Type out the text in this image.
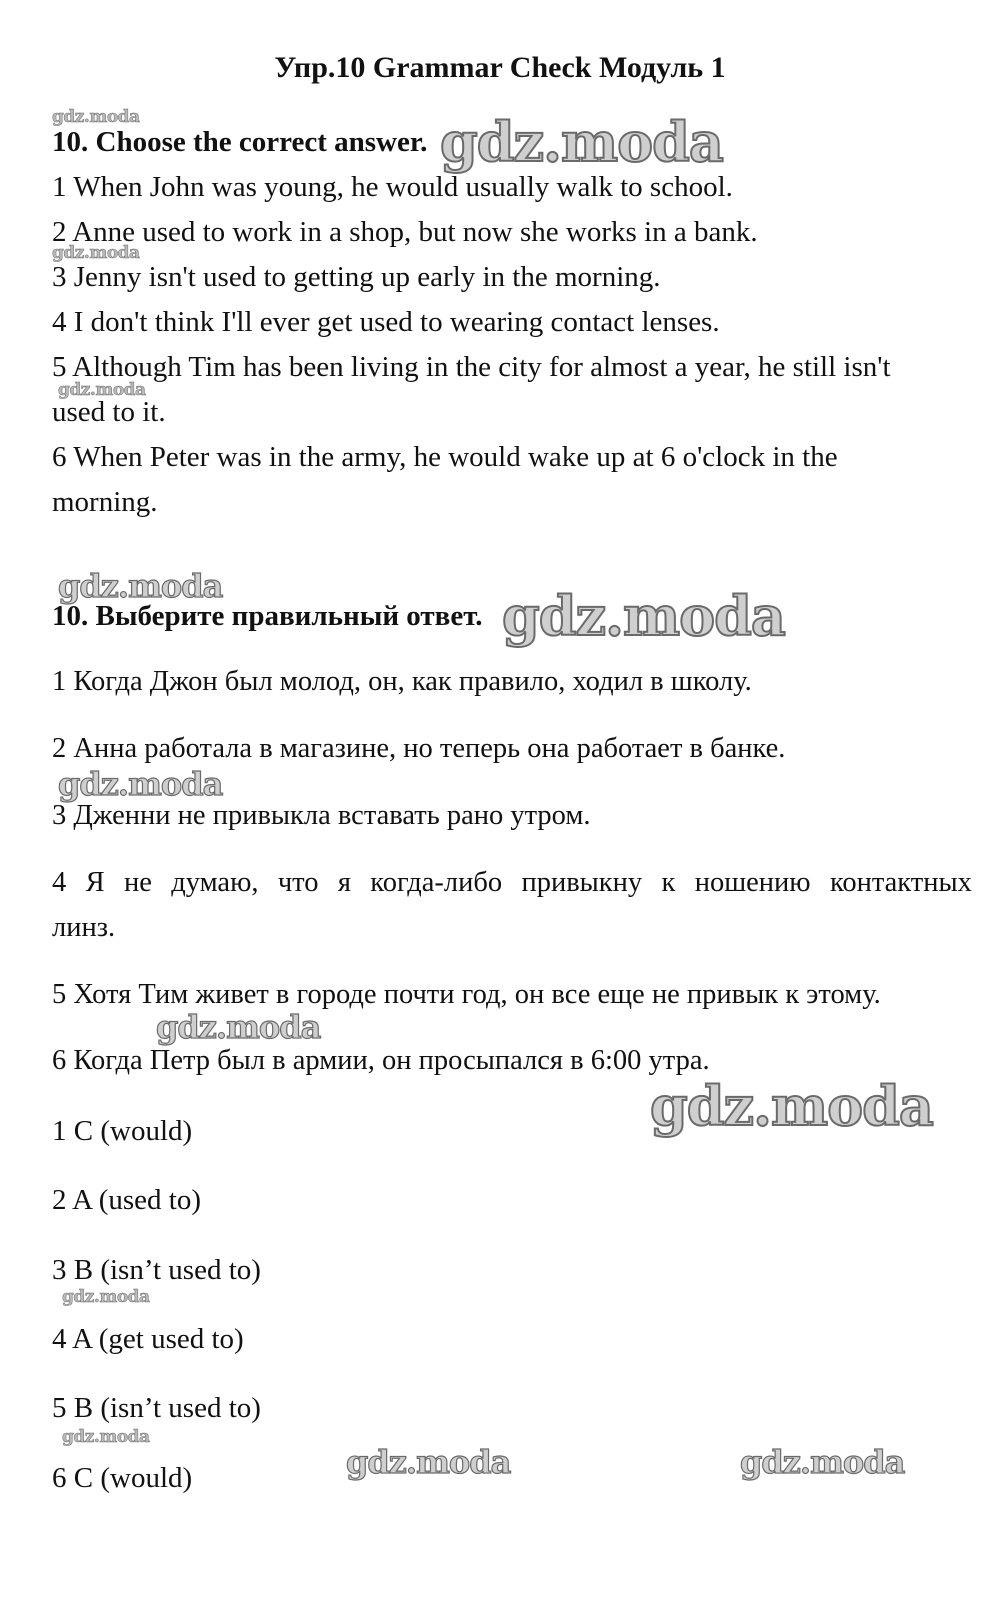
Упр.10 Grammar Check Модуль 1
10. Choose the correct answer.
1 When John was young, he would usually walk to school.
2 Anne used to work in a shop, but now she works in a bank.
3 Jenny isn't used to getting up early in the morning.
4 I don't think I'll ever get used to wearing contact lenses.
5 Although Tim has been living in the city for almost a year, he still isn't
used to it.
6 When Peter was in the army, he would wake up at 6 o'clock in the
morning.
10. Выберите правильный ответ.
1 Когда Джон был молод, он, как правило, ходил в школу.
2 Анна работала в магазине, но теперь она работает в банке.
3 Дженни не привыкла вставать рано утром.
4 Я не думаю, что я когда-либо привыкну к ношению контактных
линз.
5 Хотя Тим живет в городе почти год, он все еще не привык к этому.
6 Когда Петр был в армии, он просыпался в 6:00 утра.
1 C (would)
2 A (used to)
3 B (isn’t used to)
4 A (get used to)
5 B (isn’t used to)
6 C (would)
gdz.moda	gdz.moda
gdz.moda
gdz.moda
gdz.moda	gdz.moda
gdz.moda
gdz.moda
gdz.moda
gdz.moda
gdz.moda
gdz.moda	gdz.moda
